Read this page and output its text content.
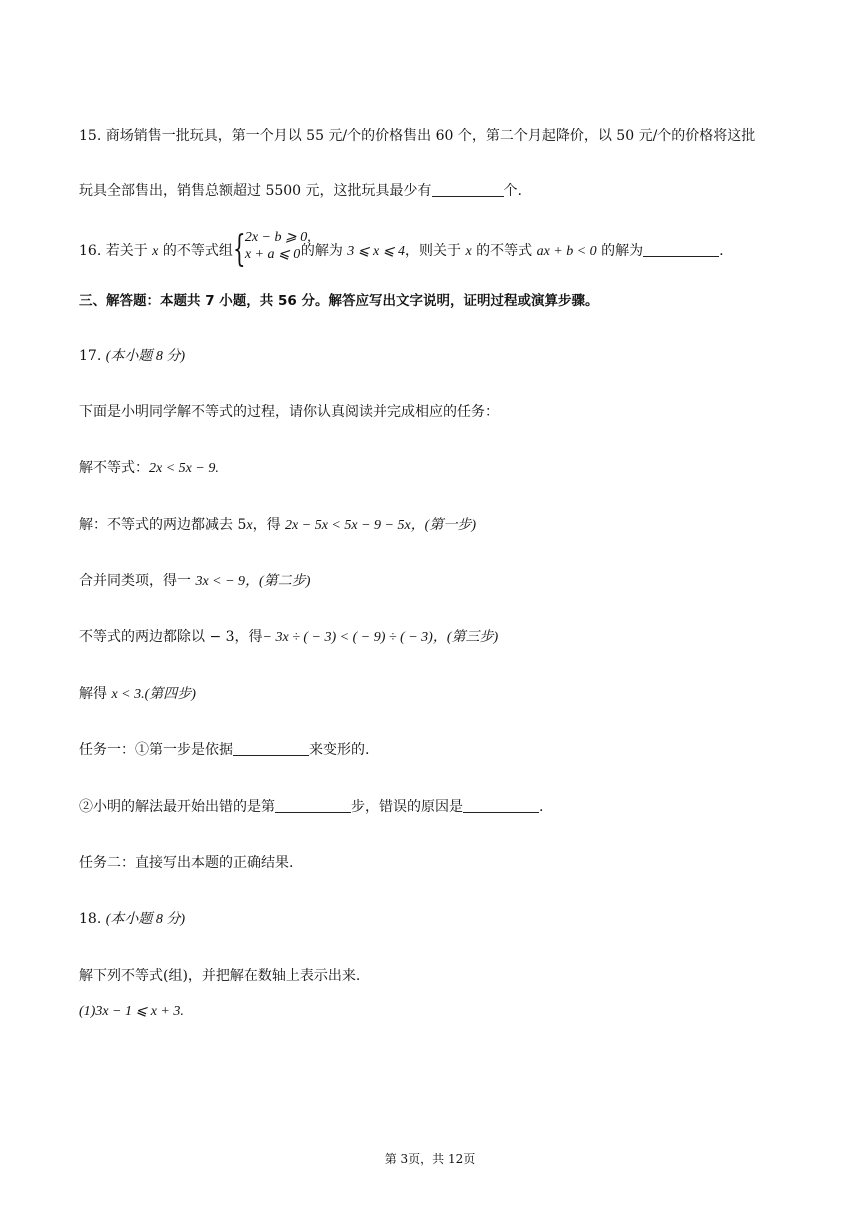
15. 商场销售一批玩具，第一个月以 55 元/个的价格售出 60 个，第二个月起降价，以 50 元/个的价格将这批
玩具全部售出，销售总额超过 5500 元，这批玩具最少有	个.
16. 若关于 x 的不等式组 { 2x − b ⩾ 0,
x + a ⩽ 0 的解为 3 ⩽ x ⩽ 4，则关于 x 的不等式 ax + b < 0 的解为	.
三、解答题：本题共 7 小题，共 56 分。解答应写出文字说明，证明过程或演算步骤。
17. (本小题 8 分)
下面是小明同学解不等式的过程，请你认真阅读并完成相应的任务：
解不等式：2x < 5x − 9.
解：不等式的两边都减去 5x，得 2x − 5x < 5x − 9 − 5x，(第一步)
合并同类项，得一 3x < − 9，(第二步)
不等式的两边都除以 − 3，得− 3x ÷ ( − 3) < ( − 9) ÷ ( − 3)，(第三步)
解得 x < 3.(第四步)
任务一：①第一步是依据	来变形的.
②小明的解法最开始出错的是第	步，错误的原因是	.
任务二：直接写出本题的正确结果.
18. (本小题 8 分)
解下列不等式(组)，并把解在数轴上表示出来.
(1)3x − 1 ⩽ x + 3.
第 3页，共 12页
